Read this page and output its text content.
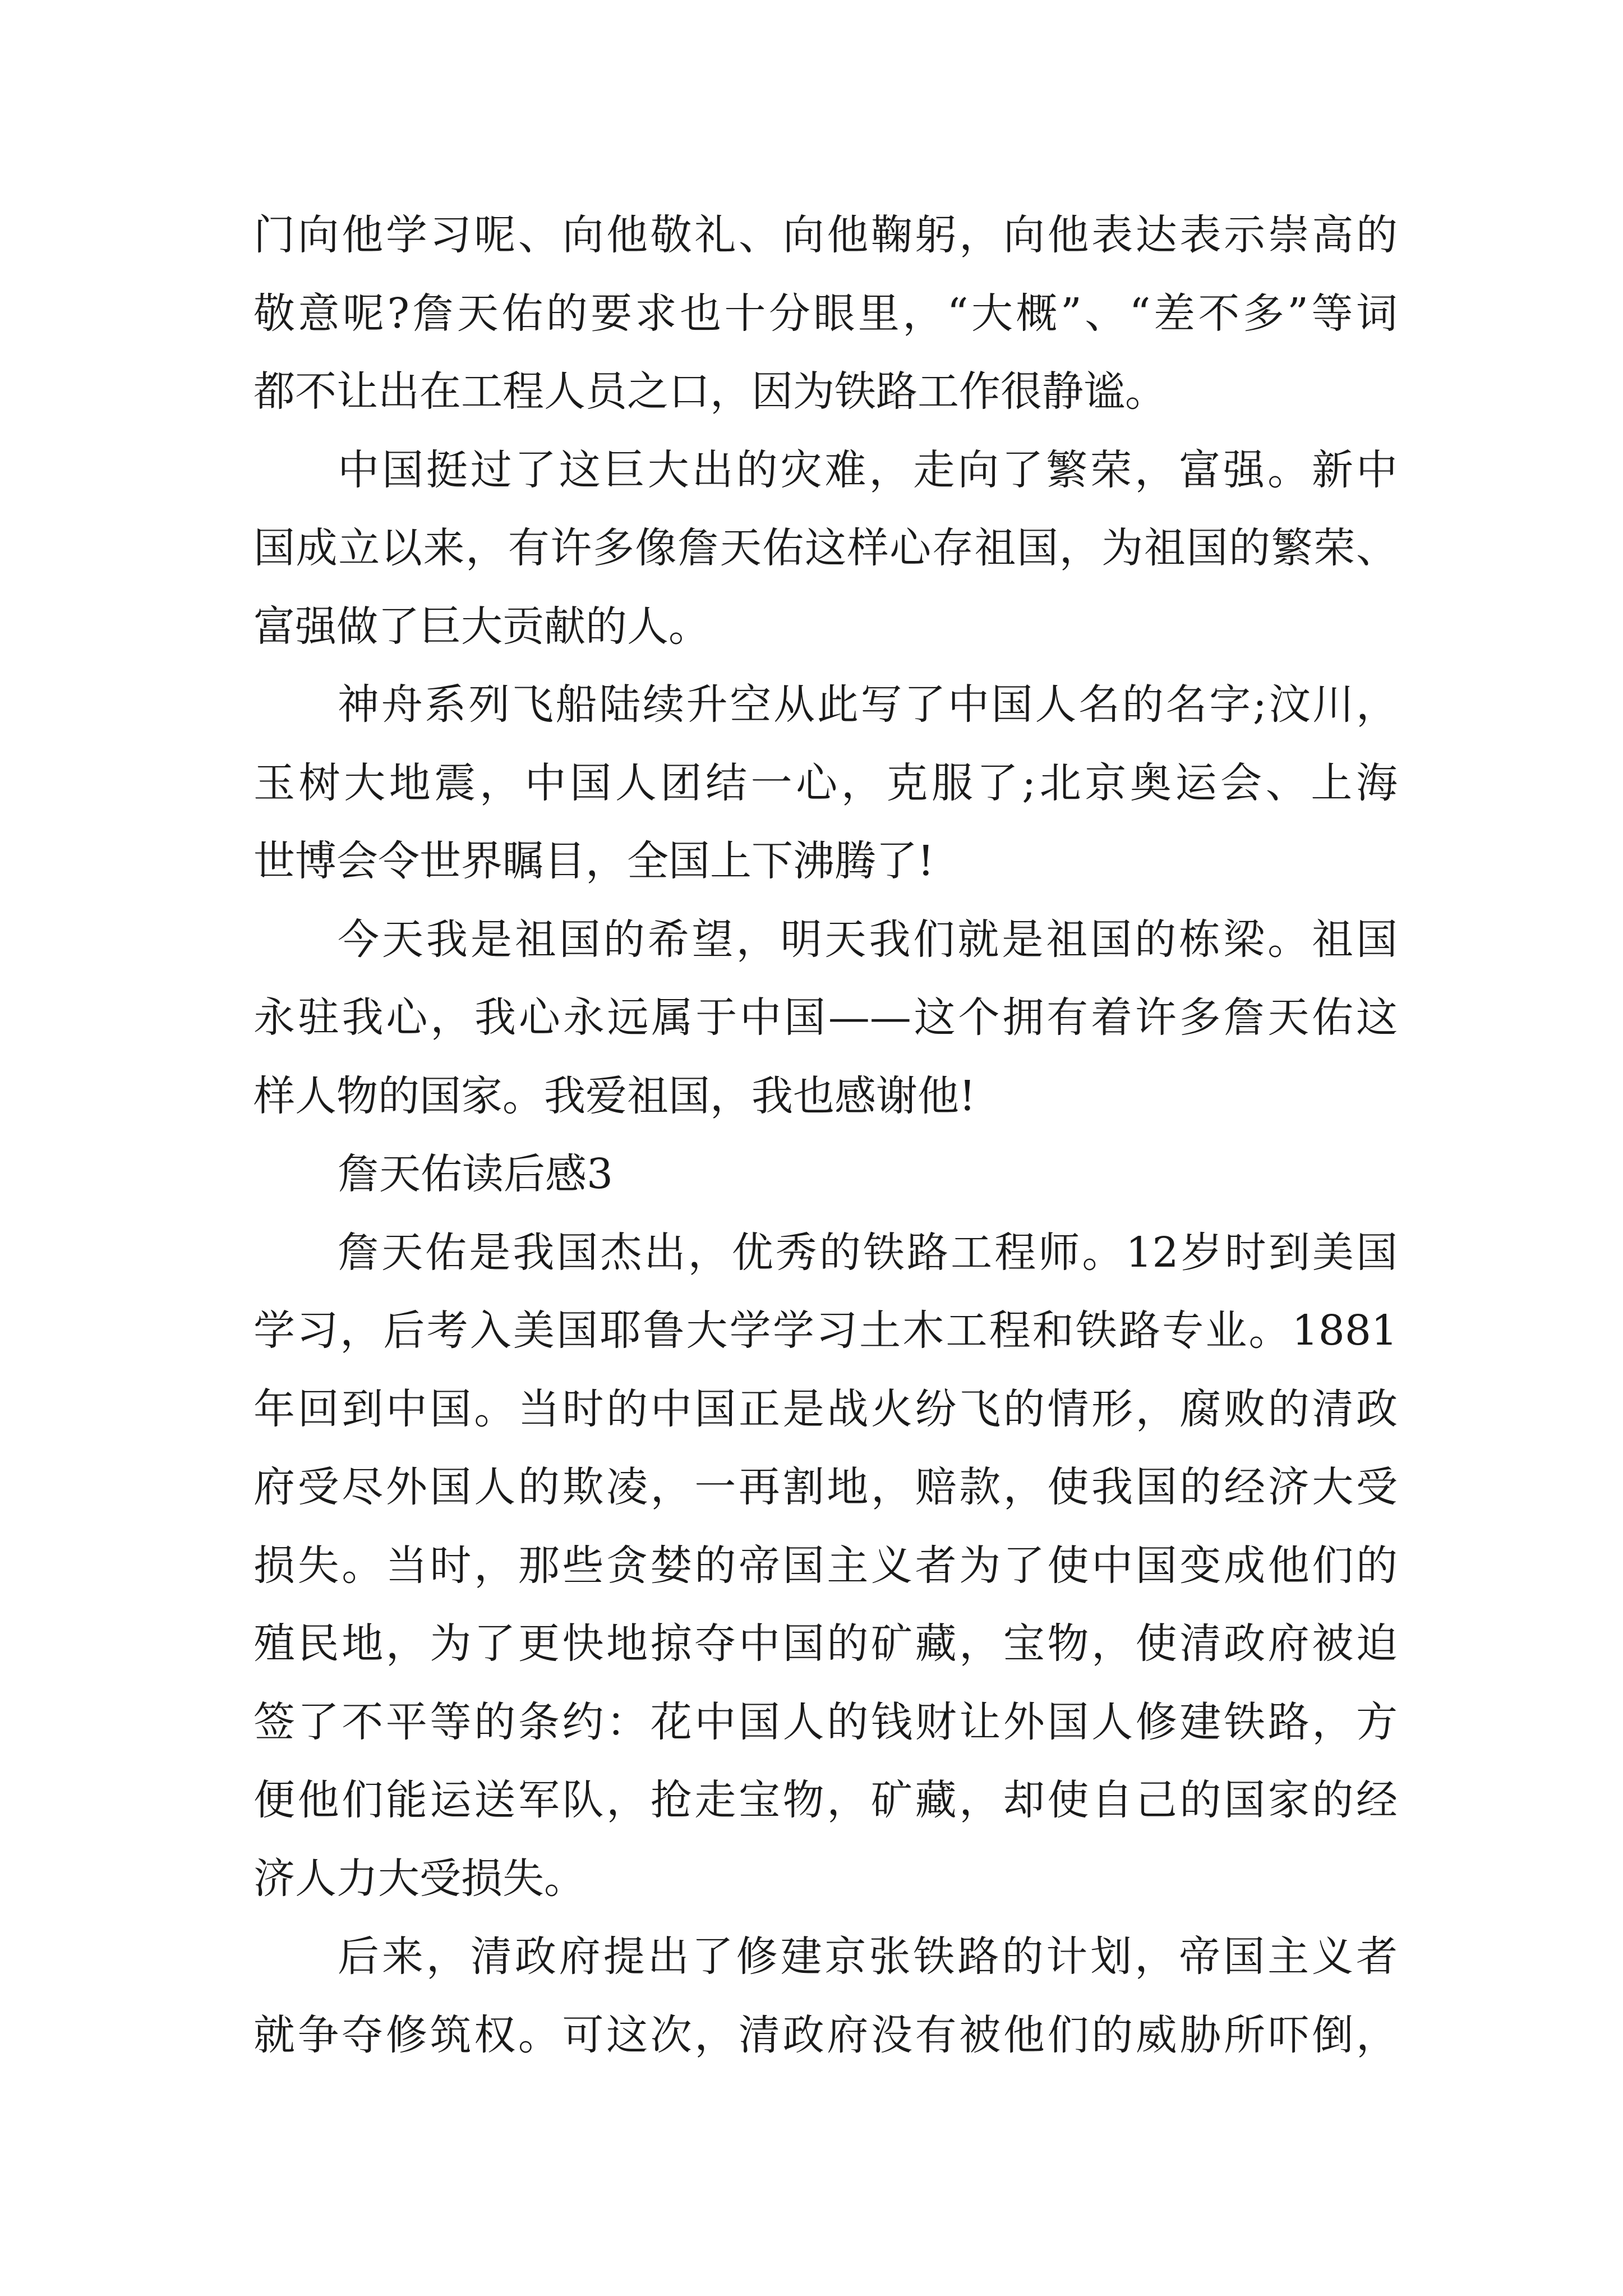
门向他学习呢、向他敬礼、向他鞠躬，向他表达表示崇高的
敬意呢?詹天佑的要求也十分眼里，“大概”、“差不多”等词
都不让出在工程人员之口，因为铁路工作很静谧。
中国挺过了这巨大出的灾难，走向了繁荣，富强。新中
国成立以来，有许多像詹天佑这样心存祖国，为祖国的繁荣、
富强做了巨大贡献的人。
神舟系列飞船陆续升空从此写了中国人名的名字;汶川，
玉树大地震，中国人团结一心，克服了;北京奥运会、上海
世博会令世界瞩目，全国上下沸腾了!
今天我是祖国的希望，明天我们就是祖国的栋梁。祖国
永驻我心，我心永远属于中国——这个拥有着许多詹天佑这
样人物的国家。我爱祖国，我也感谢他!
詹天佑读后感3
詹天佑是我国杰出，优秀的铁路工程师。12岁时到美国
学习，后考入美国耶鲁大学学习土木工程和铁路专业。1881
年回到中国。当时的中国正是战火纷飞的情形，腐败的清政
府受尽外国人的欺凌，一再割地，赔款，使我国的经济大受
损失。当时，那些贪婪的帝国主义者为了使中国变成他们的
殖民地，为了更快地掠夺中国的矿藏，宝物，使清政府被迫
签了不平等的条约：花中国人的钱财让外国人修建铁路，方
便他们能运送军队，抢走宝物，矿藏，却使自己的国家的经
济人力大受损失。
后来，清政府提出了修建京张铁路的计划，帝国主义者
就争夺修筑权。可这次，清政府没有被他们的威胁所吓倒，
